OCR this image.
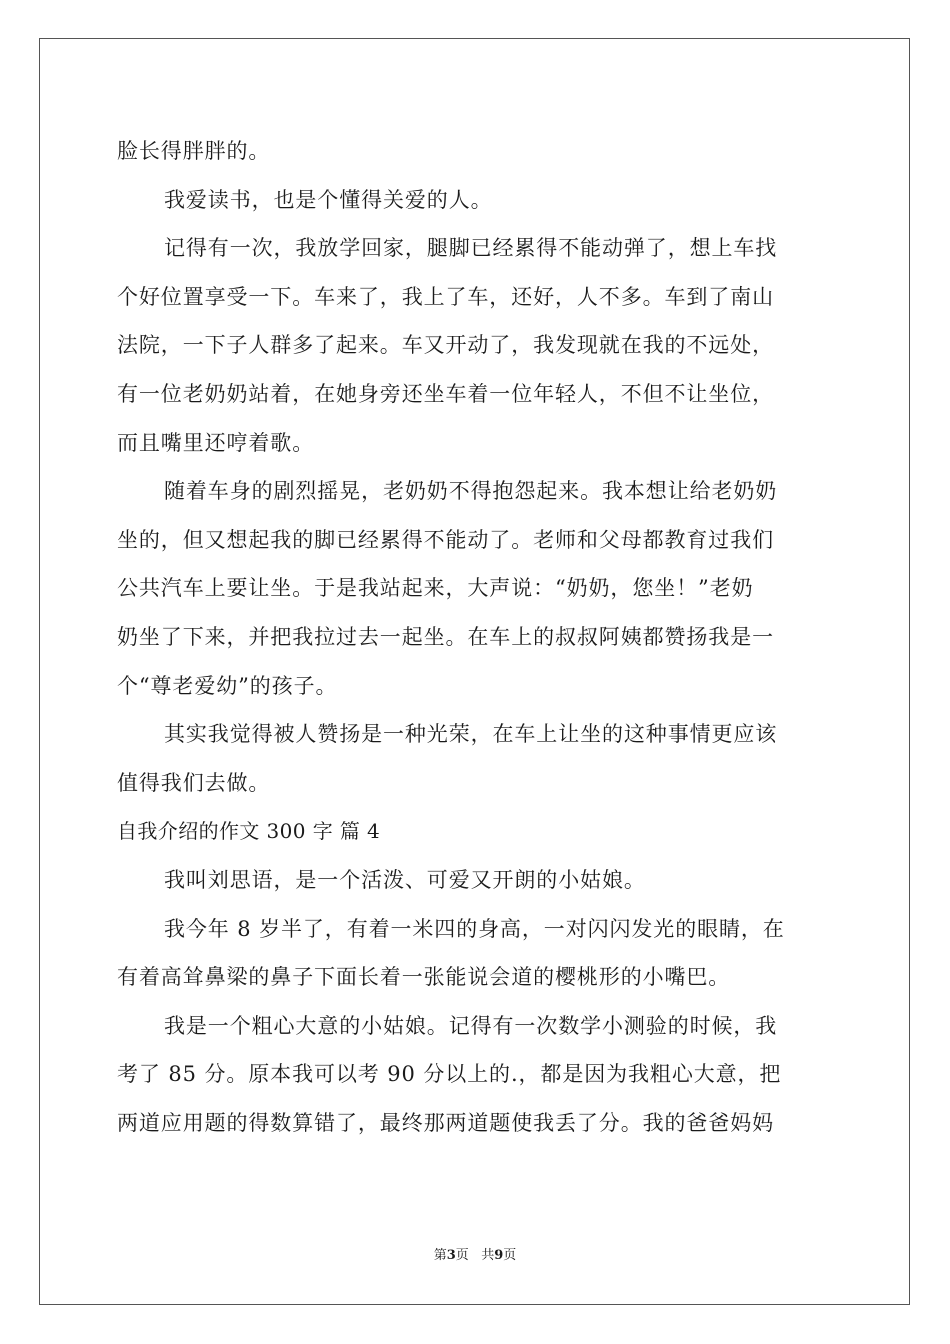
脸长得胖胖的。
我爱读书，也是个懂得关爱的人。
记得有一次，我放学回家，腿脚已经累得不能动弹了，想上车找
个好位置享受一下。车来了，我上了车，还好，人不多。车到了南山
法院，一下子人群多了起来。车又开动了，我发现就在我的不远处，
有一位老奶奶站着，在她身旁还坐车着一位年轻人，不但不让坐位，
而且嘴里还哼着歌。
随着车身的剧烈摇晃，老奶奶不得抱怨起来。我本想让给老奶奶
坐的，但又想起我的脚已经累得不能动了。老师和父母都教育过我们
公共汽车上要让坐。于是我站起来，大声说：“奶奶，您坐！”老奶
奶坐了下来，并把我拉过去一起坐。在车上的叔叔阿姨都赞扬我是一
个“尊老爱幼”的孩子。
其实我觉得被人赞扬是一种光荣，在车上让坐的这种事情更应该
值得我们去做。
自我介绍的作文 300 字 篇 4
我叫刘思语，是一个活泼、可爱又开朗的小姑娘。
我今年 8 岁半了，有着一米四的身高，一对闪闪发光的眼睛，在
有着高耸鼻梁的鼻子下面长着一张能说会道的樱桃形的小嘴巴。
我是一个粗心大意的小姑娘。记得有一次数学小测验的时候，我
考了 85 分。原本我可以考 90 分以上的.，都是因为我粗心大意，把
两道应用题的得数算错了，最终那两道题使我丢了分。我的爸爸妈妈
第3页 共9页
